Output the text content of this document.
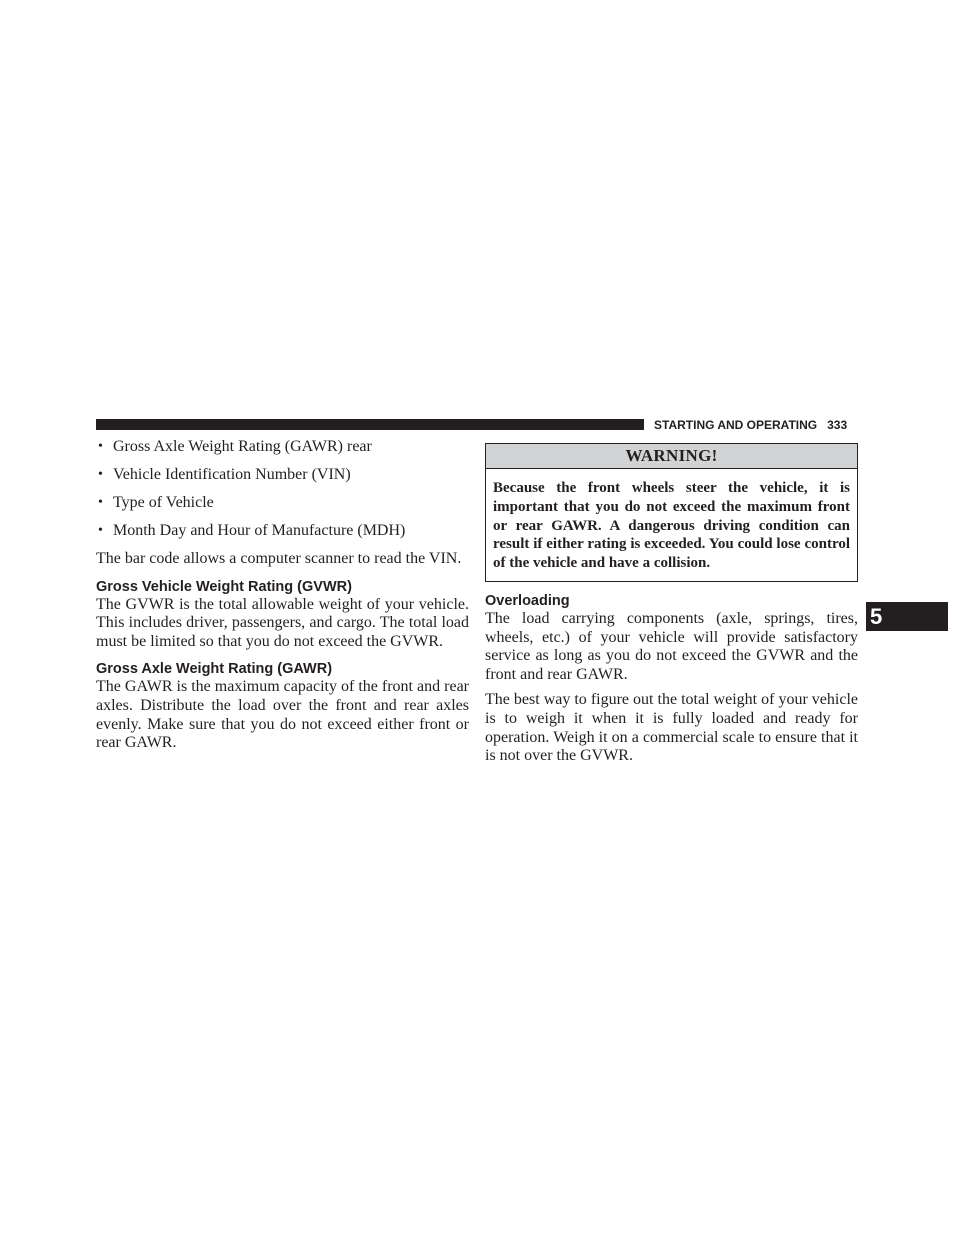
STARTING AND OPERATING 333
5
• Gross Axle Weight Rating (GAWR) rear
• Vehicle Identification Number (VIN)
• Type of Vehicle
• Month Day and Hour of Manufacture (MDH)

The bar code allows a computer scanner to read the VIN.

Gross Vehicle Weight Rating (GVWR)

The GVWR is the total allowable weight of your vehicle. This includes driver, passengers, and cargo. The total load must be limited so that you do not exceed the GVWR.

Gross Axle Weight Rating (GAWR)

The GAWR is the maximum capacity of the front and rear axles. Distribute the load over the front and rear axles evenly. Make sure that you do not exceed either front or rear GAWR.

WARNING!
Because the front wheels steer the vehicle, it is important that you do not exceed the maximum front or rear GAWR. A dangerous driving condition can result if either rating is exceeded. You could lose control of the vehicle and have a collision.
Overloading

The load carrying components (axle, springs, tires, wheels, etc.) of your vehicle will provide satisfactory service as long as you do not exceed the GVWR and the front and rear GAWR.

The best way to figure out the total weight of your vehicle is to weigh it when it is fully loaded and ready for operation. Weigh it on a commercial scale to ensure that it is not over the GVWR.
